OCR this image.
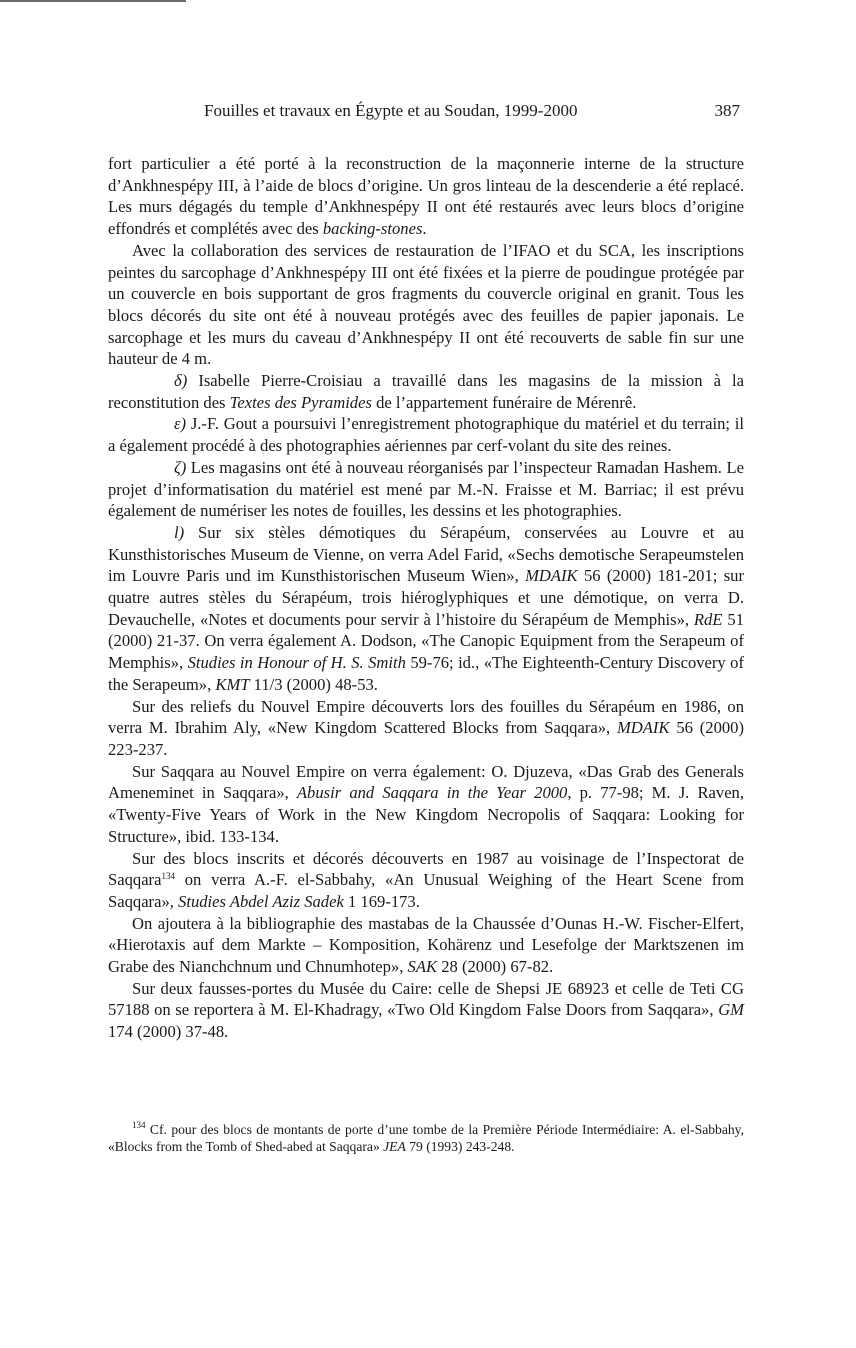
Fouilles et travaux en Égypte et au Soudan, 1999-2000	387

fort particulier a été porté à la reconstruction de la maçonnerie interne de la structure d’Ankhnespépy III, à l’aide de blocs d’origine. Un gros linteau de la descenderie a été replacé. Les murs dégagés du temple d’Ankhnespépy II ont été restaurés avec leurs blocs d’origine effondrés et complétés avec des backing-stones.

Avec la collaboration des services de restauration de l’IFAO et du SCA, les inscriptions peintes du sarcophage d’Ankhnespépy III ont été fixées et la pierre de poudingue protégée par un couvercle en bois supportant de gros fragments du couvercle original en granit. Tous les blocs décorés du site ont été à nouveau protégés avec des feuilles de papier japonais. Le sarcophage et les murs du caveau d’Ankhnespépy II ont été recouverts de sable fin sur une hauteur de 4 m.

δ) Isabelle Pierre-Croisiau a travaillé dans les magasins de la mission à la reconstitution des Textes des Pyramides de l’appartement funéraire de Mérenrê.

ε) J.-F. Gout a poursuivi l’enregistrement photographique du matériel et du terrain; il a également procédé à des photographies aériennes par cerf-volant du site des reines.

ζ) Les magasins ont été à nouveau réorganisés par l’inspecteur Ramadan Hashem. Le projet d’informatisation du matériel est mené par M.-N. Fraisse et M. Barriac; il est prévu également de numériser les notes de fouilles, les dessins et les photographies.

l) Sur six stèles démotiques du Sérapéum, conservées au Louvre et au Kunsthistorisches Museum de Vienne, on verra Adel Farid, «Sechs demotische Serapeumstelen im Louvre Paris und im Kunsthistorischen Museum Wien», MDAIK 56 (2000) 181-201; sur quatre autres stèles du Sérapéum, trois hiéroglyphiques et une démotique, on verra D. Devauchelle, «Notes et documents pour servir à l’histoire du Sérapéum de Memphis», RdE 51 (2000) 21-37. On verra également A. Dodson, «The Canopic Equipment from the Serapeum of Memphis», Studies in Honour of H. S. Smith 59-76; id., «The Eighteenth-Century Discovery of the Serapeum», KMT 11/3 (2000) 48-53.

Sur des reliefs du Nouvel Empire découverts lors des fouilles du Sérapéum en 1986, on verra M. Ibrahim Aly, «New Kingdom Scattered Blocks from Saqqara», MDAIK 56 (2000) 223-237.

Sur Saqqara au Nouvel Empire on verra également: O. Djuzeva, «Das Grab des Generals Ameneminet in Saqqara», Abusir and Saqqara in the Year 2000, p. 77-98; M. J. Raven, «Twenty-Five Years of Work in the New Kingdom Necropolis of Saqqara: Looking for Structure», ibid. 133-134.

Sur des blocs inscrits et décorés découverts en 1987 au voisinage de l’Inspectorat de Saqqara$^{134}$ on verra A.-F. el-Sabbahy, «An Unusual Weighing of the Heart Scene from Saqqara», Studies Abdel Aziz Sadek 1 169-173.

On ajoutera à la bibliographie des mastabas de la Chaussée d’Ounas H.-W. Fischer-Elfert, «Hierotaxis auf dem Markte – Komposition, Kohärenz und Lesefolge der Marktszenen im Grabe des Nianchchnum und Chnumhotep», SAK 28 (2000) 67-82.

Sur deux fausses-portes du Musée du Caire: celle de Shepsi JE 68923 et celle de Teti CG 57188 on se reportera à M. El-Khadragy, «Two Old Kingdom False Doors from Saqqara», GM 174 (2000) 37-48.

$^{134}$ Cf. pour des blocs de montants de porte d’une tombe de la Première Période Intermédiaire: A. el-Sabbahy, «Blocks from the Tomb of Shed-abed at Saqqara» JEA 79 (1993) 243-248.
